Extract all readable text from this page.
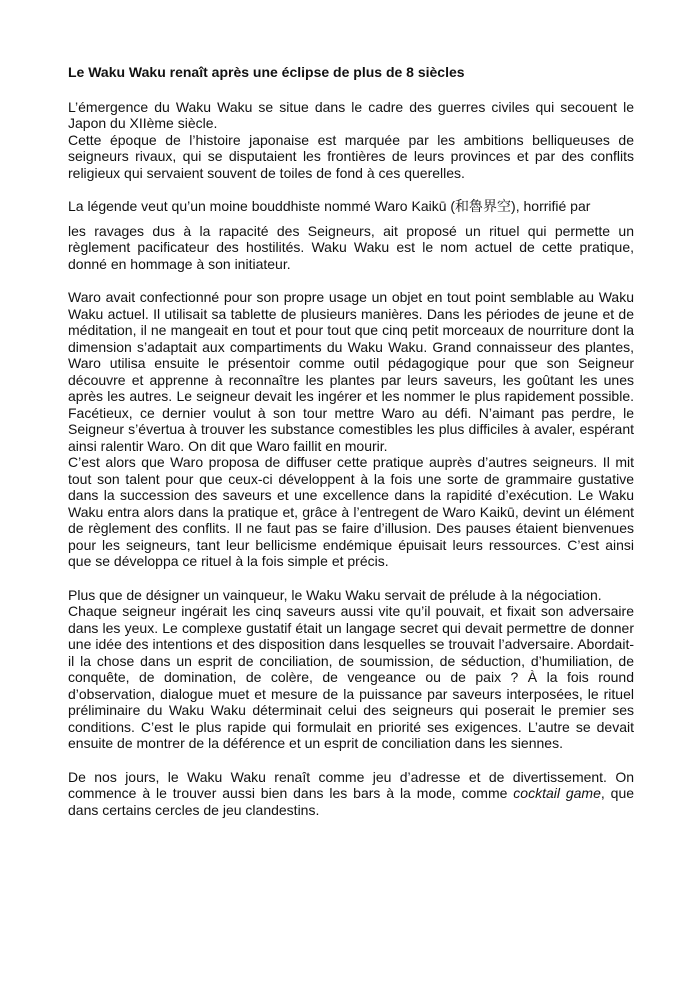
Le Waku Waku renaît après une éclipse de plus de 8 siècles

L’émergence du Waku Waku se situe dans le cadre des guerres civiles qui secouent le Japon du XIIème siècle.
Cette époque de l’histoire japonaise est marquée par les ambitions belliqueuses de seigneurs rivaux, qui se disputaient les frontières de leurs provinces et par des conflits religieux qui servaient souvent de toiles de fond à ces querelles.
La légende veut qu’un moine bouddhiste nommé Waro Kaikū (和魯界空), horrifié par
les ravages dus à la rapacité des Seigneurs, ait proposé un rituel qui permette un règlement pacificateur des hostilités. Waku Waku est le nom actuel de cette pratique, donné en hommage à son initiateur.
Waro avait confectionné pour son propre usage un objet en tout point semblable au Waku Waku actuel. Il utilisait sa tablette de plusieurs manières. Dans les périodes de jeune et de méditation, il ne mangeait en tout et pour tout que cinq petit morceaux de nourriture dont la dimension s’adaptait aux compartiments du Waku Waku. Grand connaisseur des plantes, Waro utilisa ensuite le présentoir comme outil pédagogique pour que son Seigneur découvre et apprenne à reconnaître les plantes par leurs saveurs, les goûtant les unes après les autres. Le seigneur devait les ingérer et les nommer le plus rapidement possible. Facétieux, ce dernier voulut à son tour mettre Waro au défi. N’aimant pas perdre, le Seigneur s’évertua à trouver les substance comestibles les plus difficiles à avaler, espérant ainsi ralentir Waro. On dit que Waro faillit en mourir.
C’est alors que Waro proposa de diffuser cette pratique auprès d’autres seigneurs. Il mit tout son talent pour que ceux-ci développent à la fois une sorte de grammaire gustative dans la succession des saveurs et une excellence dans la rapidité d’exécution. Le Waku Waku entra alors dans la pratique et, grâce à l’entregent de Waro Kaikū, devint un élément de règlement des conflits. Il ne faut pas se faire d’illusion. Des pauses étaient bienvenues pour les seigneurs, tant leur bellicisme endémique épuisait leurs ressources. C’est ainsi que se développa ce rituel à la fois simple et précis.
Plus que de désigner un vainqueur, le Waku Waku servait de prélude à la négociation.
Chaque seigneur ingérait les cinq saveurs aussi vite qu’il pouvait, et fixait son adversaire dans les yeux. Le complexe gustatif était un langage secret qui devait permettre de donner une idée des intentions et des disposition dans lesquelles se trouvait l’adversaire. Abordait-il la chose dans un esprit de conciliation, de soumission, de séduction, d’humiliation, de conquête, de domination, de colère, de vengeance ou de paix ? À la fois round d’observation, dialogue muet et mesure de la puissance par saveurs interposées, le rituel préliminaire du Waku Waku déterminait celui des seigneurs qui poserait le premier ses conditions. C’est le plus rapide qui formulait en priorité ses exigences. L’autre se devait ensuite de montrer de la déférence et un esprit de conciliation dans les siennes.
De nos jours, le Waku Waku renaît comme jeu d’adresse et de divertissement. On commence à le trouver aussi bien dans les bars à la mode, comme cocktail game, que dans certains cercles de jeu clandestins.
